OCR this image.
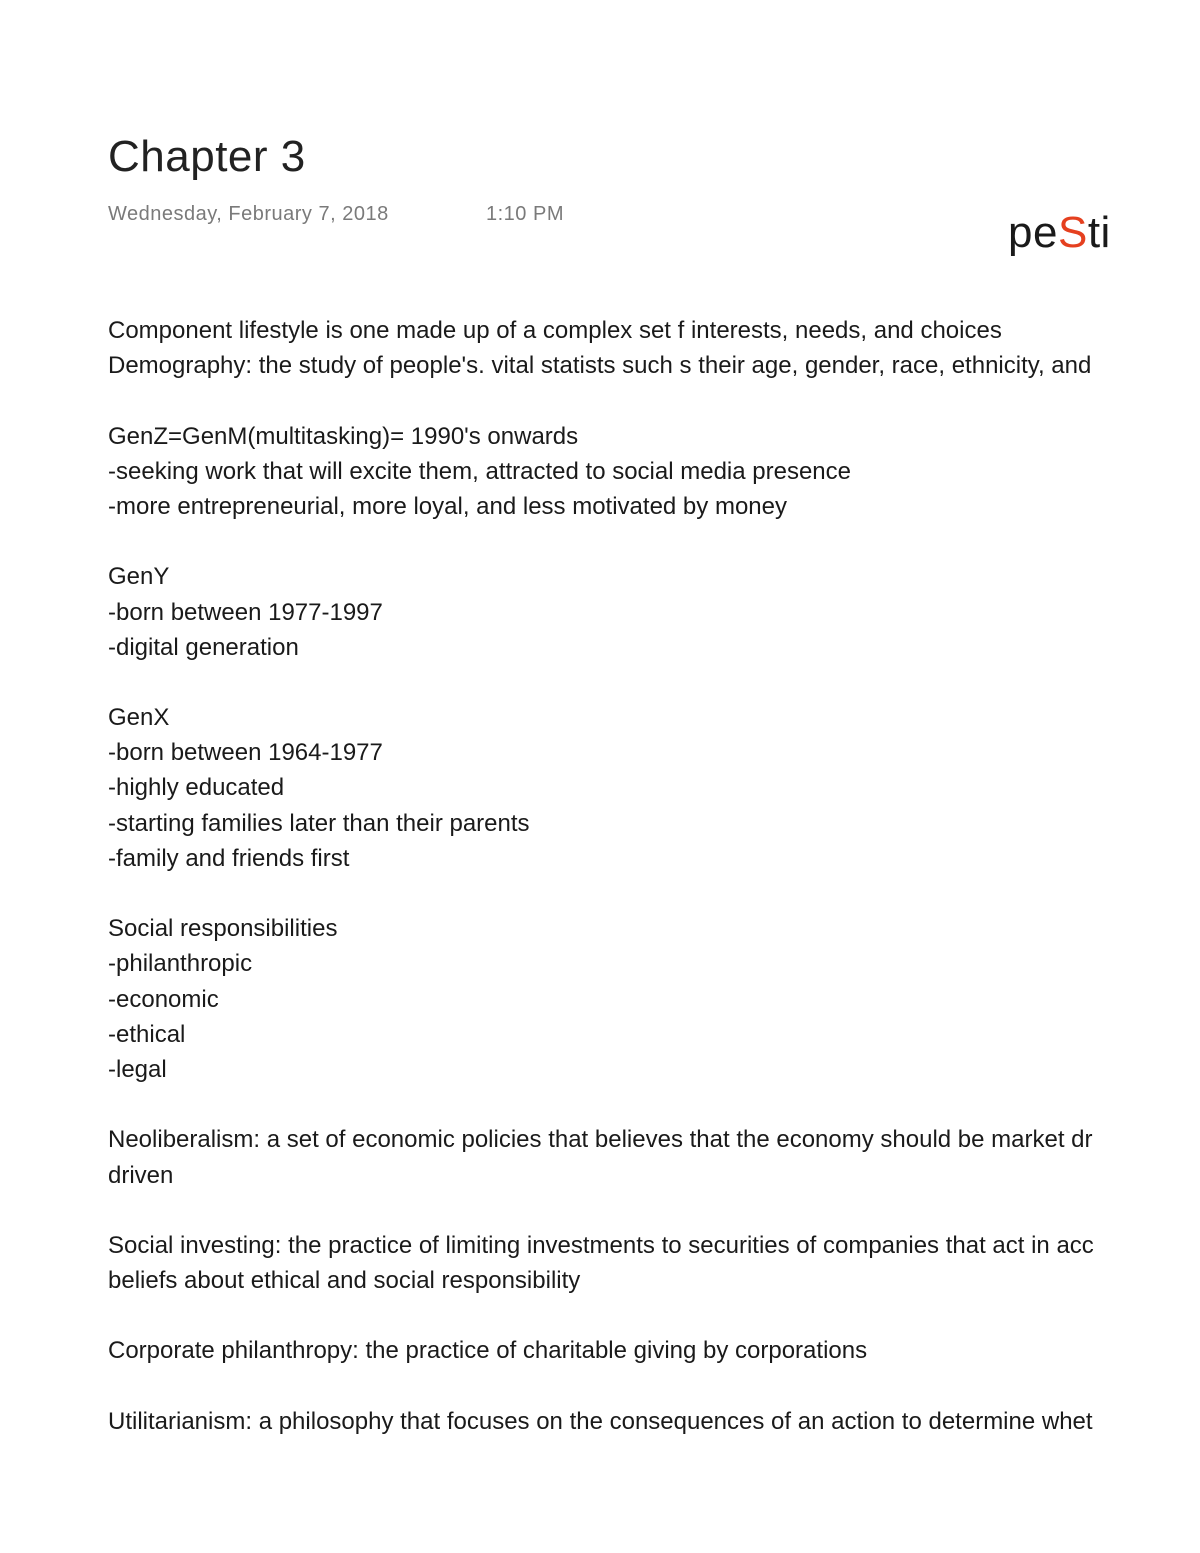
Chapter 3
Wednesday, February 7, 2018	1:10 PM	peSti
Component lifestyle is one made up of a complex set f interests, needs, and choices
Demography: the study of people's. vital statists such s their age, gender, race, ethnicity, and
GenZ=GenM(multitasking)= 1990's onwards
-seeking work that will excite them, attracted to social media presence
-more entrepreneurial, more loyal, and less motivated by money
GenY
-born between 1977-1997
-digital generation
GenX
-born between 1964-1977
-highly educated
-starting families later than their parents
-family and friends first
Social responsibilities
-philanthropic
-economic
-ethical
-legal
Neoliberalism: a set of economic policies that believes that the economy should be market dr
driven
Social investing: the practice of limiting investments to securities of companies that act in acc
beliefs about ethical and social responsibility
Corporate philanthropy: the practice of charitable giving by corporations
Utilitarianism: a philosophy that focuses on the consequences of an action to determine whet
